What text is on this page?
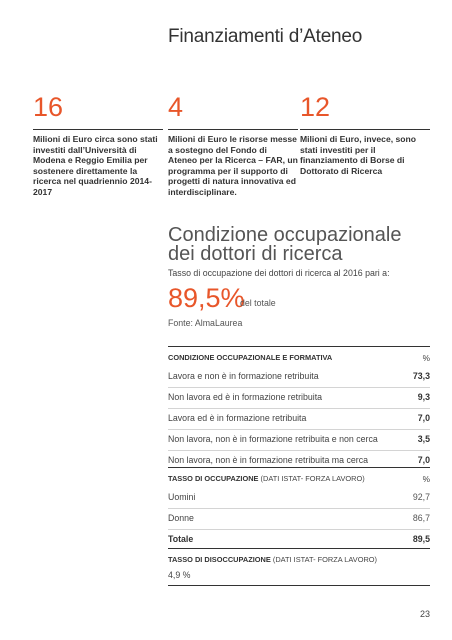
Finanziamenti d’Ateneo
16
Milioni di Euro circa sono stati investiti dall’Università di Modena e Reggio Emilia per sostenere direttamente la ricerca nel quadriennio 2014-2017
4
Milioni di Euro le risorse messe a sostegno del Fondo di Ateneo per la Ricerca – FAR, un programma per il supporto di progetti di natura innovativa ed interdisciplinare.
12
Milioni di Euro, invece, sono stati investiti per il finanziamento di Borse di Dottorato di Ricerca
Condizione occupazionale
dei dottori di ricerca
Tasso di occupazione dei dottori di ricerca al 2016 pari a:
89,5%
del totale
Fonte: AlmaLaurea
CONDIZIONE OCCUPAZIONALE E FORMATIVA	%
Lavora e non è in formazione retribuita	73,3
Non lavora ed è in formazione retribuita	9,3
Lavora ed è in formazione retribuita	7,0
Non lavora, non è in formazione retribuita e non cerca	3,5
Non lavora, non è in formazione retribuita ma cerca	7,0
TASSO DI OCCUPAZIONE (DATI ISTAT- FORZA LAVORO)	%
Uomini	92,7
Donne	86,7
Totale	89,5
TASSO DI DISOCCUPAZIONE (DATI ISTAT- FORZA LAVORO)
4,9 %
23
